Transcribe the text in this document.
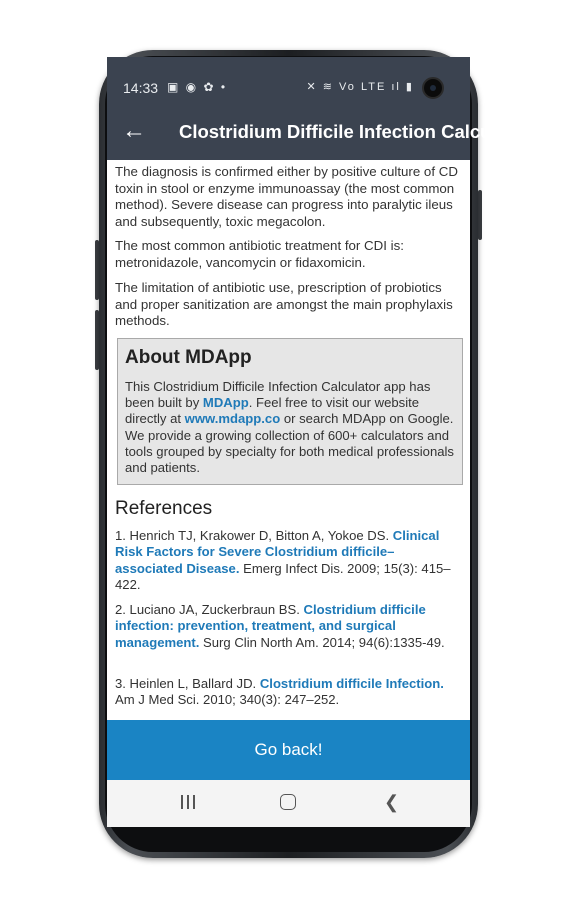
14:33 ▣ ◉ ✿ •	✕ ≋ Vo LTE ıl ▮
← Clostridium Difficile Infection Calculator

The diagnosis is confirmed either by positive culture of CD toxin in stool or enzyme immunoassay (the most common method). Severe disease can progress into paralytic ileus and subsequently, toxic megacolon.

The most common antibiotic treatment for CDI is: metronidazole, vancomycin or fidaxomicin.

The limitation of antibiotic use, prescription of probiotics and proper sanitization are amongst the main prophylaxis methods.

About MDApp
This Clostridium Difficile Infection Calculator app has been built by MDApp. Feel free to visit our website directly at www.mdapp.co or search MDApp on Google. We provide a growing collection of 600+ calculators and tools grouped by specialty for both medical professionals and patients.
References
1. Henrich TJ, Krakower D, Bitton A, Yokoe DS. Clinical Risk Factors for Severe Clostridium difficile–associated Disease. Emerg Infect Dis. 2009; 15(3): 415–422.
2. Luciano JA, Zuckerbraun BS. Clostridium difficile infection: prevention, treatment, and surgical management. Surg Clin North Am. 2014; 94(6):1335-49.
3. Heinlen L, Ballard JD. Clostridium difficile Infection. Am J Med Sci. 2010; 340(3): 247–252.
Go back!
❮
